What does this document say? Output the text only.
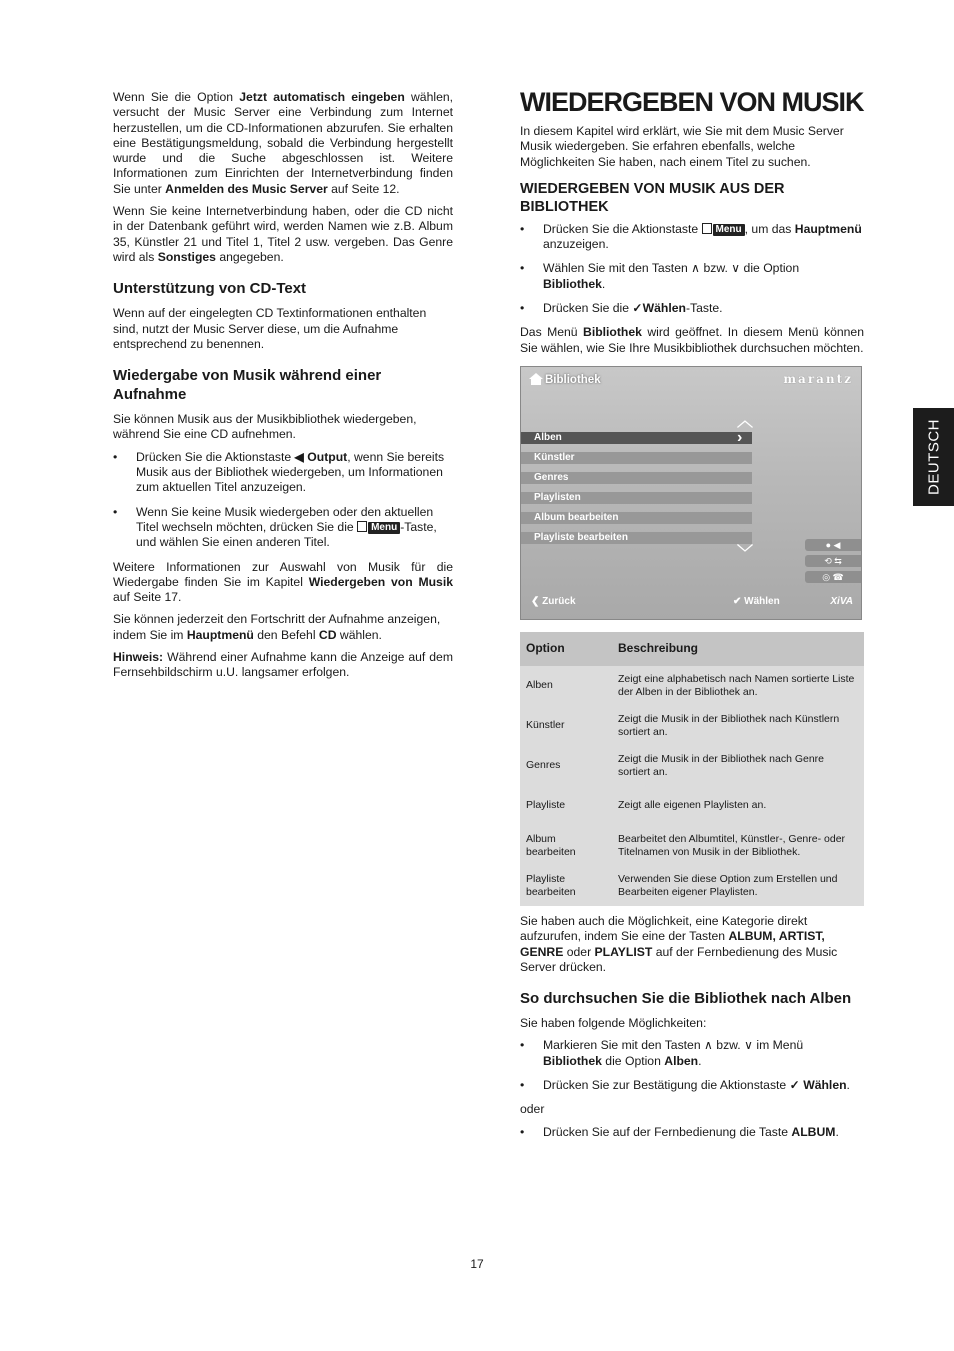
Wenn Sie die Option Jetzt automatisch eingeben wählen, versucht der Music Server eine Verbindung zum Internet herzustellen, um die CD-Informationen abzurufen. Sie erhalten eine Bestätigungsmeldung, sobald die Verbindung hergestellt wurde und die Suche abgeschlossen ist. Weitere Informationen zum Einrichten der Internetverbindung finden Sie unter Anmelden des Music Server auf Seite 12.

Wenn Sie keine Internetverbindung haben, oder die CD nicht in der Datenbank geführt wird, werden Namen wie z.B. Album 35, Künstler 21 und Titel 1, Titel 2 usw. vergeben. Das Genre wird als Sonstiges angegeben.

Unterstützung von CD-Text

Wenn auf der eingelegten CD Textinformationen enthalten sind, nutzt der Music Server diese, um die Aufnahme entsprechend zu benennen.

Wiedergabe von Musik während einer Aufnahme

Sie können Musik aus der Musikbibliothek wiedergeben, während Sie eine CD aufnehmen.

• Drücken Sie die Aktionstaste ◀ Output, wenn Sie bereits Musik aus der Bibliothek wiedergeben, um Informationen zum aktuellen Titel anzuzeigen.
• Wenn Sie keine Musik wiedergeben oder den aktuellen Titel wechseln möchten, drücken Sie die Menu -Taste, und wählen Sie einen anderen Titel.

Weitere Informationen zur Auswahl von Musik für die Wiedergabe finden Sie im Kapitel Wiedergeben von Musik auf Seite 17.

Sie können jederzeit den Fortschritt der Aufnahme anzeigen, indem Sie im Hauptmenü den Befehl CD wählen.

Hinweis: Während einer Aufnahme kann die Anzeige auf dem Fernsehbildschirm u.U. langsamer erfolgen.

WIEDERGEBEN VON MUSIK

In diesem Kapitel wird erklärt, wie Sie mit dem Music Server Musik wiedergeben. Sie erfahren ebenfalls, welche Möglichkeiten Sie haben, nach einem Titel zu suchen.

WIEDERGEBEN VON MUSIK AUS DER BIBLIOTHEK
• Drücken Sie die Aktionstaste Menu , um das Hauptmenü anzuzeigen.
• Wählen Sie mit den Tasten ∧ bzw. ∨ die Option Bibliothek.
• Drücken Sie die ✓Wählen-Taste.

Das Menü Bibliothek wird geöffnet. In diesem Menü können Sie wählen, wie Sie Ihre Musikbibliothek durchsuchen möchten.

Bibliothek	marantz
︿
Alben	›
Künstler
Genres
Playlisten
Album bearbeiten
Playliste bearbeiten
﹀	● ◀
⟲ ⇆
◎ ☎
❮ Zurück	✔ Wählen	XiVA
Option	Beschreibung
Alben	Zeigt eine alphabetisch nach Namen sortierte Liste der Alben in der Bibliothek an.
Künstler	Zeigt die Musik in der Bibliothek nach Künstlern sortiert an.
Genres	Zeigt die Musik in der Bibliothek nach Genre sortiert an.
Playliste	Zeigt alle eigenen Playlisten an.
Album bearbeiten	Bearbeitet den Albumtitel, Künstler-, Genre- oder Titelnamen von Musik in der Bibliothek.
Playliste bearbeiten	Verwenden Sie diese Option zum Erstellen und Bearbeiten eigener Playlisten.

Sie haben auch die Möglichkeit, eine Kategorie direkt aufzurufen, indem Sie eine der Tasten ALBUM, ARTIST, GENRE oder PLAYLIST auf der Fernbedienung des Music Server drücken.

So durchsuchen Sie die Bibliothek nach Alben

Sie haben folgende Möglichkeiten:

• Markieren Sie mit den Tasten ∧ bzw. ∨ im Menü Bibliothek die Option Alben.
• Drücken Sie zur Bestätigung die Aktionstaste ✓ Wählen.

oder

• Drücken Sie auf der Fernbedienung die Taste ALBUM.
DEUTSCH
17
